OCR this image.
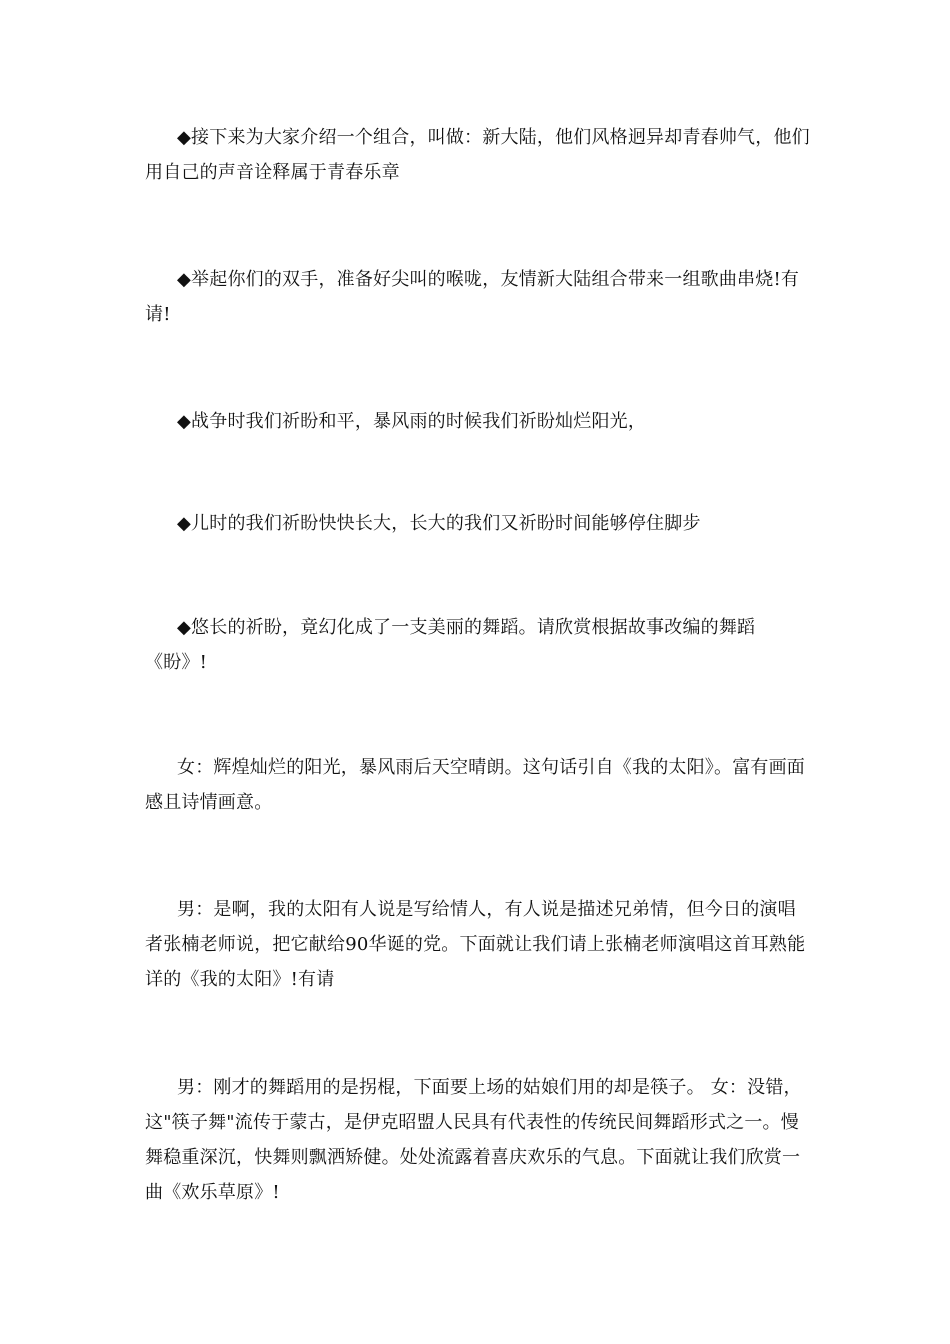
◆接下来为大家介绍一个组合，叫做：新大陆，他们风格迥异却青春帅气，他们用自己的声音诠释属于青春乐章

◆举起你们的双手，准备好尖叫的喉咙，友情新大陆组合带来一组歌曲串烧!有请!

◆战争时我们祈盼和平，暴风雨的时候我们祈盼灿烂阳光，

◆儿时的我们祈盼快快长大，长大的我们又祈盼时间能够停住脚步

◆悠长的祈盼，竟幻化成了一支美丽的舞蹈。请欣赏根据故事改编的舞蹈《盼》!

女：辉煌灿烂的阳光，暴风雨后天空晴朗。这句话引自《我的太阳》。富有画面感且诗情画意。

男：是啊，我的太阳有人说是写给情人，有人说是描述兄弟情，但今日的演唱者张楠老师说，把它献给90华诞的党。下面就让我们请上张楠老师演唱这首耳熟能详的《我的太阳》!有请

男：刚才的舞蹈用的是拐棍，下面要上场的姑娘们用的却是筷子。 女：没错，这"筷子舞"流传于蒙古，是伊克昭盟人民具有代表性的传统民间舞蹈形式之一。慢舞稳重深沉，快舞则飘洒矫健。处处流露着喜庆欢乐的气息。下面就让我们欣赏一曲《欢乐草原》!
